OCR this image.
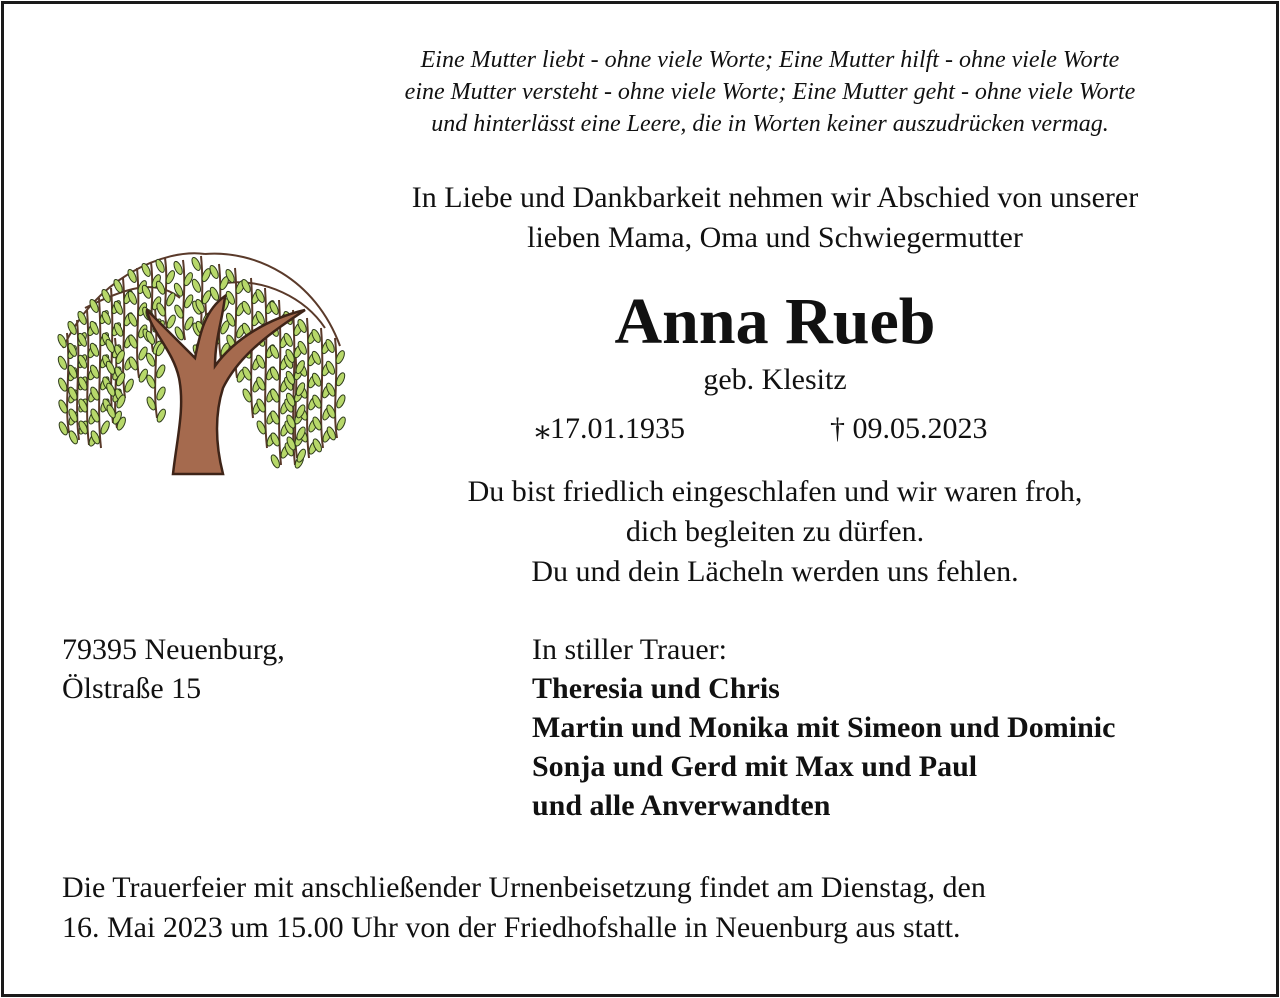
Eine Mutter liebt - ohne viele Worte; Eine Mutter hilft - ohne viele Worte
eine Mutter versteht - ohne viele Worte; Eine Mutter geht - ohne viele Worte
und hinterlässt eine Leere, die in Worten keiner auszudrücken vermag.
In Liebe und Dankbarkeit nehmen wir Abschied von unserer
lieben Mama, Oma und Schwiegermutter
Anna Rueb
geb. Klesitz
⁎17.01.1935	† 09.05.2023
Du bist friedlich eingeschlafen und wir waren froh,
dich begleiten zu dürfen.
Du und dein Lächeln werden uns fehlen.
79395 Neuenburg,
Ölstraße 15
In stiller Trauer:
Theresia und Chris
Martin und Monika mit Simeon und Dominic
Sonja und Gerd mit Max und Paul
und alle Anverwandten
Die Trauerfeier mit anschließender Urnenbeisetzung findet am Dienstag, den
16. Mai 2023 um 15.00 Uhr von der Friedhofshalle in Neuenburg aus statt.
